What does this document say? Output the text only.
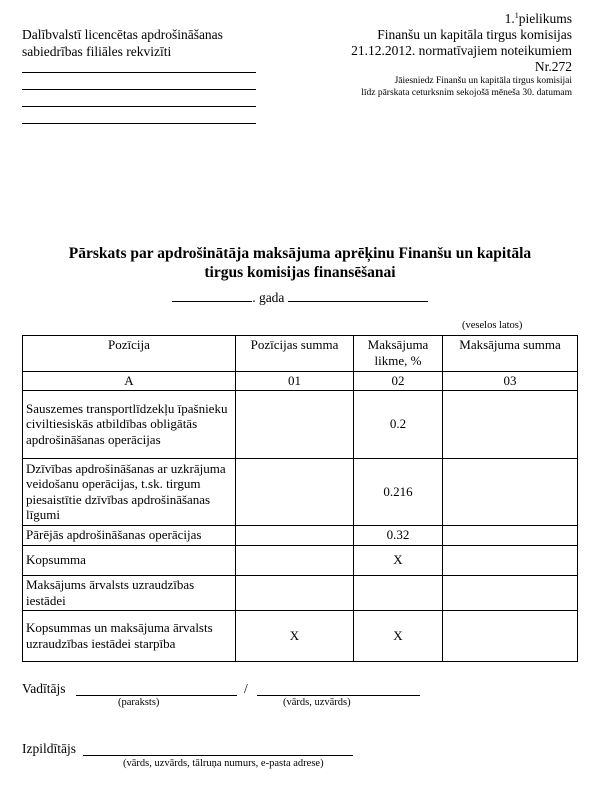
Dalībvalstī licencētas apdrošināšanas
sabiedrības filiāles rekvizīti
1.$^1$pielikums
Finanšu un kapitāla tirgus komisijas
21.12.2012. normatīvajiem noteikumiem
Nr.272
Jāiesniedz Finanšu un kapitāla tirgus komisijai
līdz pārskata ceturksnim sekojošā mēneša 30. datumam
Pārskats par apdrošinātāja maksājuma aprēķinu Finanšu un kapitāla
tirgus komisijas finansēšanai
. gada
(veselos latos)
Pozīcija	Pozīcijas summa	Maksājuma likme, %	Maksājuma summa
A	01	02	03
Sauszemes transportlīdzekļu īpašnieku civiltiesiskās atbildības obligātās apdrošināšanas operācijas		0.2	
Dzīvības apdrošināšanas ar uzkrājuma veidošanu operācijas, t.sk. tirgum piesaistītie dzīvības apdrošināšanas līgumi		0.216	
Pārējās apdrošināšanas operācijas		0.32	
Kopsumma		X	
Maksājums ārvalsts uzraudzības iestādei			
Kopsummas un maksājuma ārvalsts uzraudzības iestādei starpība	X	X	
Vadītājs	/
(paraksts)	(vārds, uzvārds)
Izpildītājs
(vārds, uzvārds, tālruņa numurs, e-pasta adrese)
